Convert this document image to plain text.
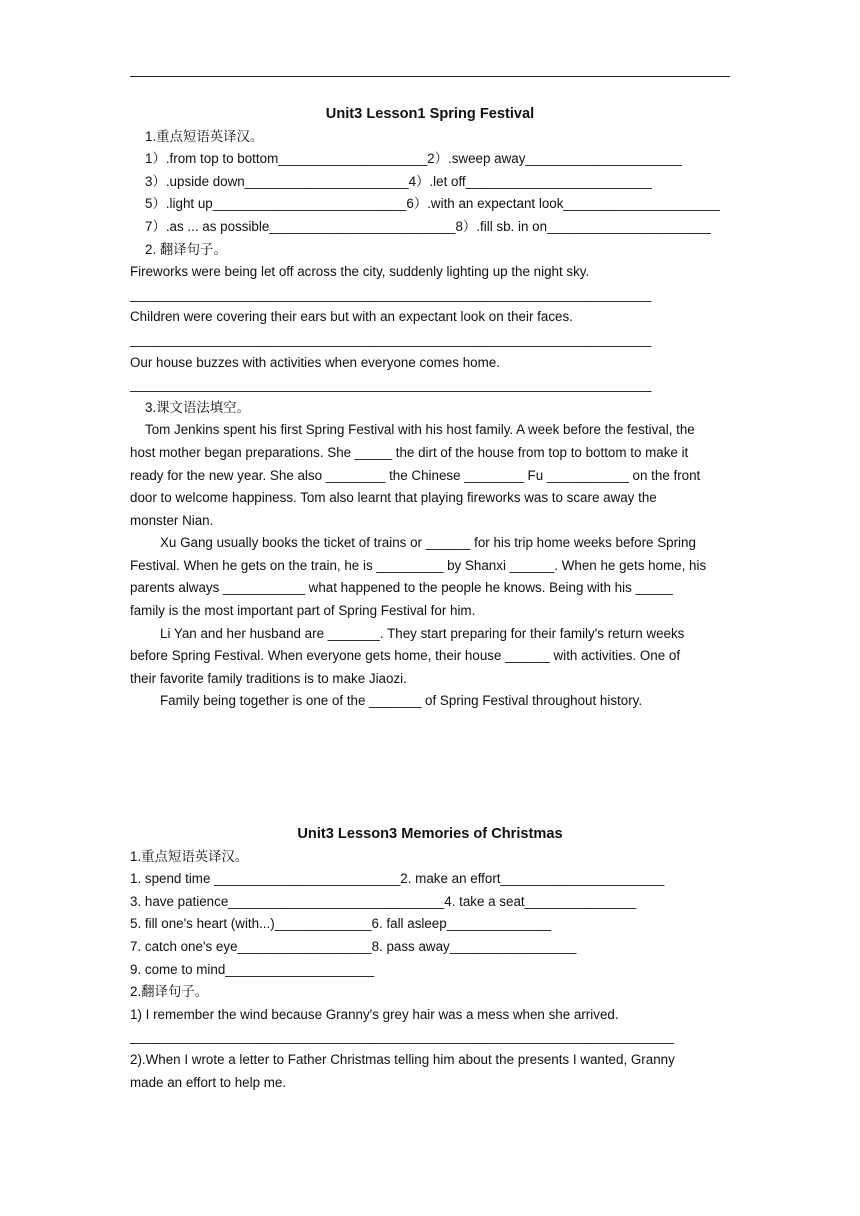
Unit3 Lesson1 Spring Festival
1.重点短语英译汉。
1）.from top to bottom____________________2）.sweep away_____________________
3）.upside down______________________4）.let off_________________________
5）.light up__________________________6）.with an expectant look_____________________
7）.as ... as possible_________________________8）.fill sb. in on______________________
2. 翻译句子。
Fireworks were being let off across the city, suddenly lighting up the night sky.
______________________________________________________________________
Children were covering their ears but with an expectant look on their faces.
______________________________________________________________________
Our house buzzes with activities when everyone comes home.
______________________________________________________________________
3.课文语法填空。
Tom Jenkins spent his first Spring Festival with his host family. A week before the festival, the
host mother began preparations. She _____ the dirt of the house from top to bottom to make it
ready for the new year. She also ________ the Chinese ________ Fu ___________ on the front
door to welcome happiness. Tom also learnt that playing fireworks was to scare away the
monster Nian.
Xu Gang usually books the ticket of trains or ______ for his trip home weeks before Spring
Festival. When he gets on the train, he is _________ by Shanxi ______. When he gets home, his
parents always ___________ what happened to the people he knows. Being with his _____
family is the most important part of Spring Festival for him.
Li Yan and her husband are _______. They start preparing for their family's return weeks
before Spring Festival. When everyone gets home, their house ______ with activities. One of
their favorite family traditions is to make Jiaozi.
Family being together is one of the _______ of Spring Festival throughout history.
Unit3 Lesson3 Memories of Christmas
1.重点短语英译汉。
1. spend time _________________________2. make an effort______________________
3. have patience_____________________________4. take a seat_______________
5. fill one's heart (with...)_____________6. fall asleep______________
7. catch one's eye__________________8. pass away_________________
9. come to mind____________________
2.翻译句子。
1) I remember the wind because Granny's grey hair was a mess when she arrived.
_________________________________________________________________________
2).When I wrote a letter to Father Christmas telling him about the presents I wanted, Granny
made an effort to help me.
